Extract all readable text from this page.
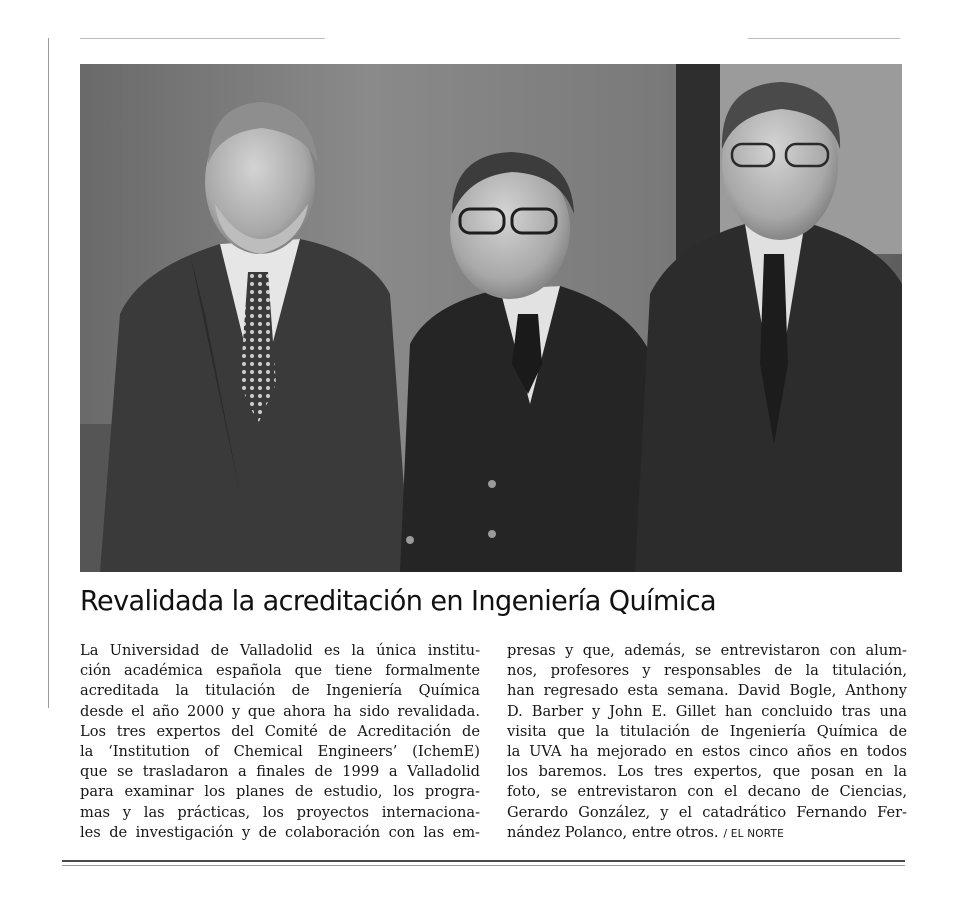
Revalidada la acreditación en Ingeniería Química
La Universidad de Valladolid es la única institu-
ción académica española que tiene formalmente
acreditada la titulación de Ingeniería Química
desde el año 2000 y que ahora ha sido revalidada.
Los tres expertos del Comité de Acreditación de
la ‘Institution of Chemical Engineers’ (IchemE)
que se trasladaron a finales de 1999 a Valladolid
para examinar los planes de estudio, los progra-
mas y las prácticas, los proyectos internaciona-
les de investigación y de colaboración con las em-
presas y que, además, se entrevistaron con alum-
nos, profesores y responsables de la titulación,
han regresado esta semana. David Bogle, Anthony
D. Barber y John E. Gillet han concluido tras una
visita que la titulación de Ingeniería Química de
la UVA ha mejorado en estos cinco años en todos
los baremos. Los tres expertos, que posan en la
foto, se entrevistaron con el decano de Ciencias,
Gerardo González, y el catadrático Fernando Fer-
nández Polanco, entre otros. / EL NORTE
